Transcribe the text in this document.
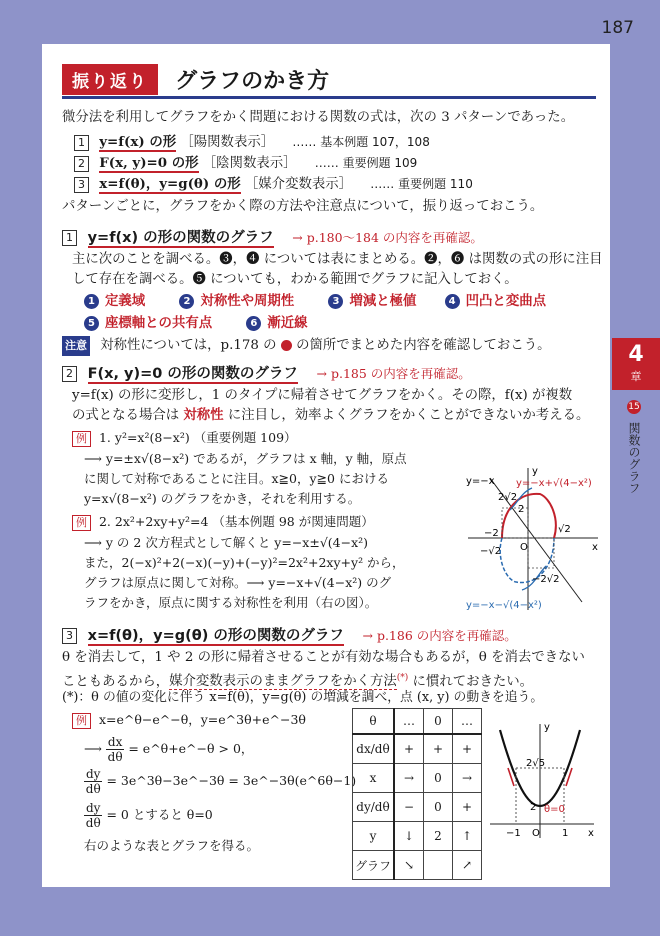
187
4
章
15 関数のグラフ
振り返り グラフのかき方
微分法を利用してグラフをかく問題における関数の式は，次の 3 パターンであった。
1 y=f(x) の形 ［陽関数表示］ …… 基本例題 107，108
2 F(x, y)=0 の形 ［陰関数表示］ …… 重要例題 109
3 x=f(θ)，y=g(θ) の形 ［媒介変数表示］ …… 重要例題 110
パターンごとに，グラフをかく際の方法や注意点について，振り返っておこう。
1 y=f(x) の形の関数のグラフ → p.180～184 の内容を再確認。
主に次のことを調べる。❸，❹ については表にまとめる。❷，❻ は関数の式の形に注目
して存在を調べる。❺ についても，わかる範囲でグラフに記入しておく。
1 定義域	2 対称性や周期性	3 増減と極値	4 凹凸と変曲点
5 座標軸との共有点	6 漸近線
注意 対称性については，p.178 の の箇所でまとめた内容を確認しておこう。
2 F(x, y)=0 の形の関数のグラフ → p.185 の内容を再確認。
y=f(x) の形に変形し，1 のタイプに帰着させてグラフをかく。その際，f(x) が複数
の式となる場合は 対称性 に注目し，効率よくグラフをかくことができないか考える。
例 1. y²=x²(8−x²) （重要例題 109）
⟶ y=±x√(8−x²) であるが，グラフは x 軸，y 軸，原点
に関して対称であることに注目。x≧0，y≧0 における
y=x√(8−x²) のグラフをかき，それを利用する。
例 2. 2x²+2xy+y²=4 （基本例題 98 が関連問題）
⟶ y の 2 次方程式として解くと y=−x±√(4−x²)
また，2(−x)²+2(−x)(−y)+(−y)²=2x²+2xy+y² から，
グラフは原点に関して対称。⟶ y=−x+√(4−x²) のグ
ラフをかき，原点に関する対称性を利用（右の図）。
y=−x y=−x+√(4−x²)
y=−x−√(4−x²)
2√2
2
√2
−2
−√2
−2√2
O	x
y
3 x=f(θ)，y=g(θ) の形の関数のグラフ → p.186 の内容を再確認。
θ を消去して，1 や 2 の形に帰着させることが有効な場合もあるが，θ を消去できない
こともあるから，媒介変数表示のままグラフをかく方法(*) に慣れておきたい。
(*)：θ の値の変化に伴う x=f(θ)，y=g(θ) の増減を調べ，点 (x, y) の動きを追う。
例 x=e^θ−e^−θ，y=e^3θ+e^−3θ
⟶ $\frac{dx}{d\theta}$ = e^θ+e^−θ > 0，
$\frac{dy}{d\theta}$ = 3e^3θ−3e^−3θ = 3e^−3θ(e^6θ−1)
$\frac{dy}{d\theta} = 0$ とすると θ=0
右のような表とグラフを得る。
θ	…	0	…
dx/dθ	+	+	+
x	→	0	→
dy/dθ	−	0	+
y	↓	2	↑
グラフ	↘		↗
2√5
2 θ=0
O
−1	1 x
y
